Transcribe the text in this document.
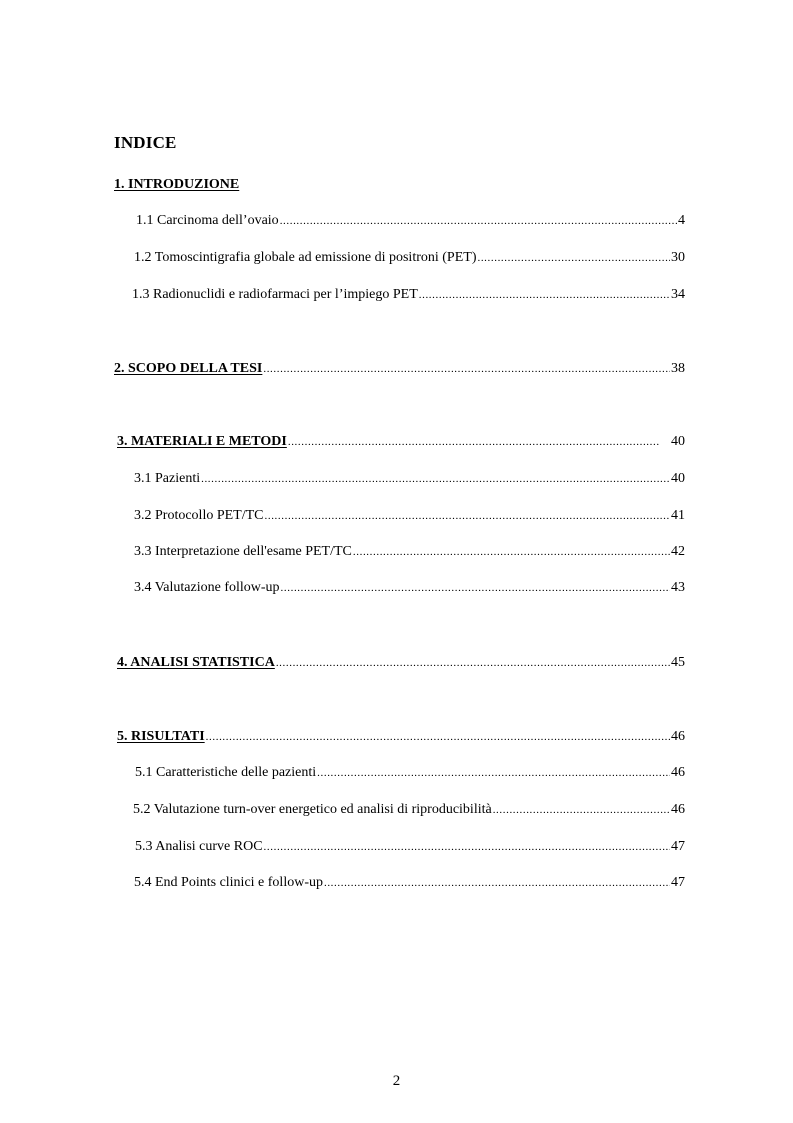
INDICE
1. INTRODUZIONE
1.1 Carcinoma dell’ovaio .....	4
1.2 Tomoscintigrafia globale ad emissione di positroni (PET) .....	30
1.3 Radionuclidi e radiofarmaci per l’impiego PET .....	34
2. SCOPO DELLA TESI .....	38
3. MATERIALI E METODI .....	40
3.1 Pazienti .....	40
3.2 Protocollo PET/TC .....	41
3.3 Interpretazione dell'esame PET/TC .....	42
3.4 Valutazione follow-up .....	43
4. ANALISI STATISTICA .....	45
5. RISULTATI .....	46
5.1 Caratteristiche delle pazienti .....	46
5.2 Valutazione turn-over energetico ed analisi di riproducibilità .....	46
5.3 Analisi curve ROC .....	47
5.4 End Points clinici e follow-up .....	47
2
